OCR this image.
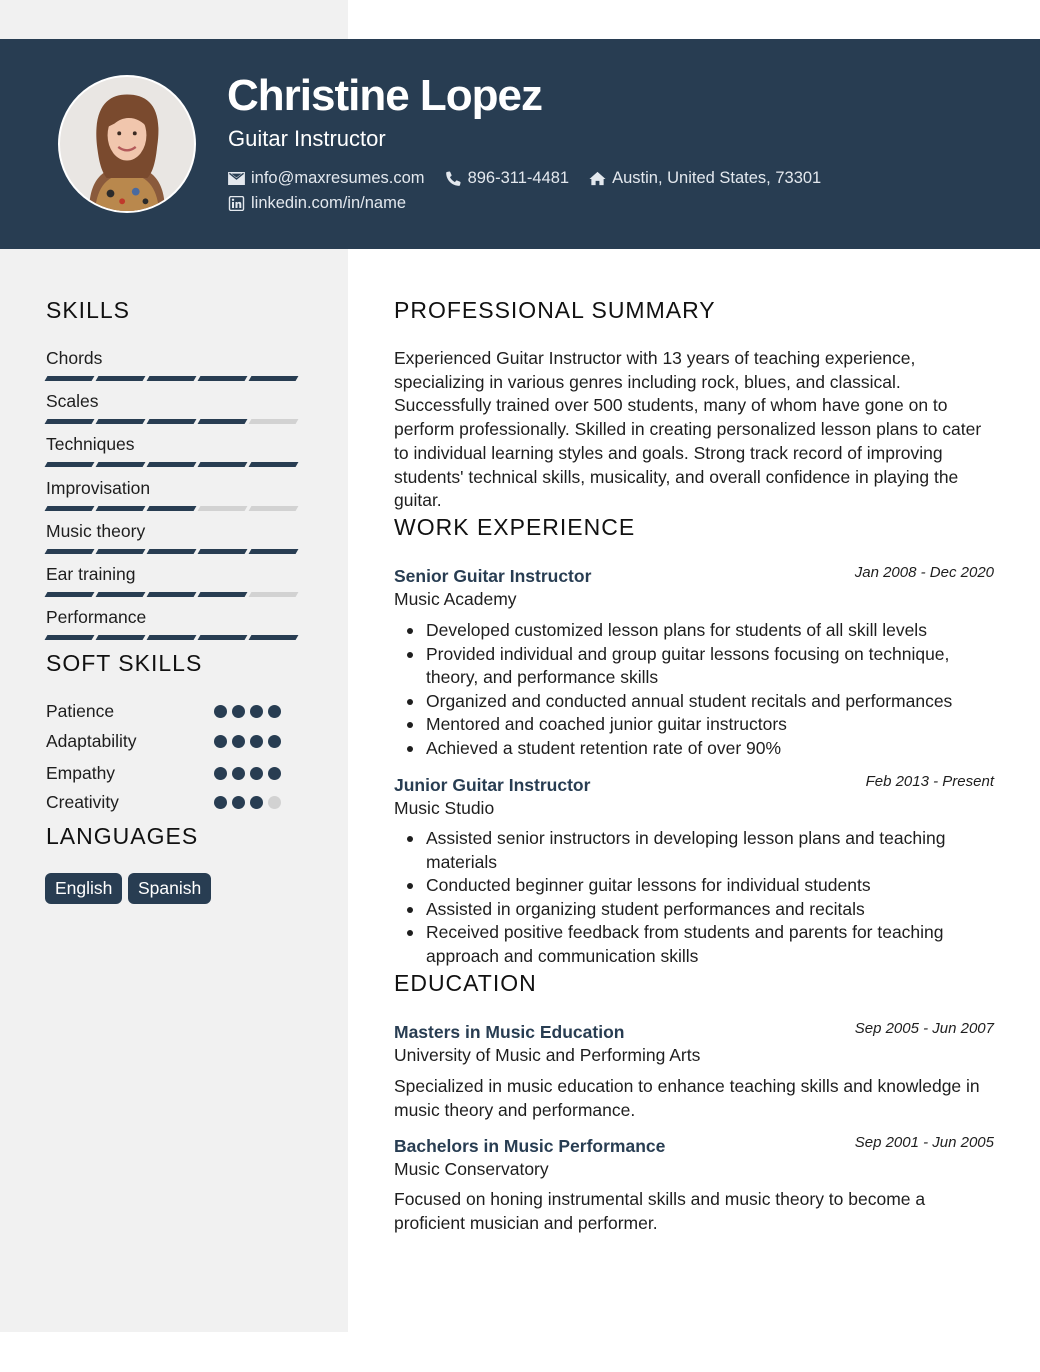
Christine Lopez
Guitar Instructor
info@maxresumes.com	896-311-4481	Austin, United States, 73301
linkedin.com/in/name
SKILLS
Chords
Scales
Techniques
Improvisation
Music theory
Ear training
Performance
SOFT SKILLS
Patience
Adaptability
Empathy
Creativity
LANGUAGES
English	Spanish
PROFESSIONAL SUMMARY
Experienced Guitar Instructor with 13 years of teaching experience, specializing in various genres including rock, blues, and classical. Successfully trained over 500 students, many of whom have gone on to perform professionally. Skilled in creating personalized lesson plans to cater to individual learning styles and goals. Strong track record of improving students' technical skills, musicality, and overall confidence in playing the guitar.
WORK EXPERIENCE
Senior Guitar Instructor	Jan 2008 - Dec 2020
Music Academy
Developed customized lesson plans for students of all skill levels
Provided individual and group guitar lessons focusing on technique, theory, and performance skills
Organized and conducted annual student recitals and performances
Mentored and coached junior guitar instructors
Achieved a student retention rate of over 90%
Junior Guitar Instructor	Feb 2013 - Present
Music Studio
Assisted senior instructors in developing lesson plans and teaching materials
Conducted beginner guitar lessons for individual students
Assisted in organizing student performances and recitals
Received positive feedback from students and parents for teaching approach and communication skills
EDUCATION
Masters in Music Education	Sep 2005 - Jun 2007
University of Music and Performing Arts
Specialized in music education to enhance teaching skills and knowledge in music theory and performance.
Bachelors in Music Performance	Sep 2001 - Jun 2005
Music Conservatory
Focused on honing instrumental skills and music theory to become a proficient musician and performer.
